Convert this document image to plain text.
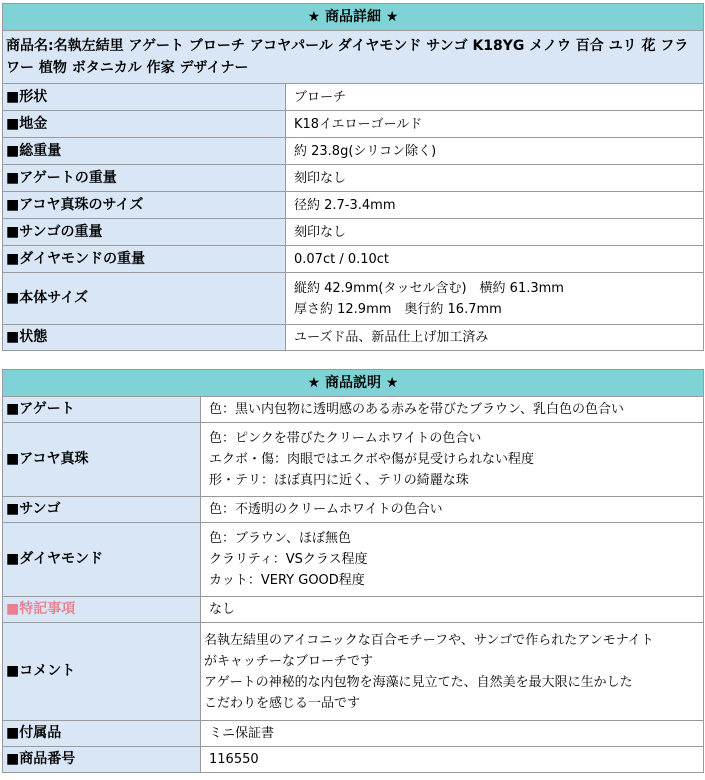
★ 商品詳細 ★	
商品名:名執左結里 アゲート ブローチ アコヤパール ダイヤモンド サンゴ K18YG メノウ 百合 ユリ 花 フラワー 植物 ボタニカル 作家 デザイナー	
■形状	ブローチ
■地金	K18イエローゴールド
■総重量	約 23.8g(シリコン除く)
■アゲートの重量	刻印なし
■アコヤ真珠のサイズ	径約 2.7-3.4mm
■サンゴの重量	刻印なし
■ダイヤモンドの重量	0.07ct / 0.10ct
■本体サイズ	縦約 42.9mm(タッセル含む)　横約 61.3mm
厚さ約 12.9mm　奥行約 16.7mm

■状態	ユーズド品、新品仕上げ加工済み
★ 商品説明 ★	
■アゲート	色：黒い内包物に透明感のある赤みを帯びたブラウン、乳白色の色合い

■アコヤ真珠	色：ピンクを帯びたクリームホワイトの色合い
エクボ・傷：肉眼ではエクボや傷が見受けられない程度
形・テリ：ほぼ真円に近く、テリの綺麗な珠

■サンゴ	色：不透明のクリームホワイトの色合い

■ダイヤモンド	色：ブラウン、ほぼ無色
クラリティ：VSクラス程度
カット：VERY GOOD程度

■特記事項	なし

■コメント	名執左結里のアイコニックな百合モチーフや、サンゴで作られたアンモナイト
がキャッチーなブローチです
アゲートの神秘的な内包物を海藻に見立てた、自然美を最大限に生かした
こだわりを感じる一品です

■付属品	ミニ保証書

■商品番号	116550
